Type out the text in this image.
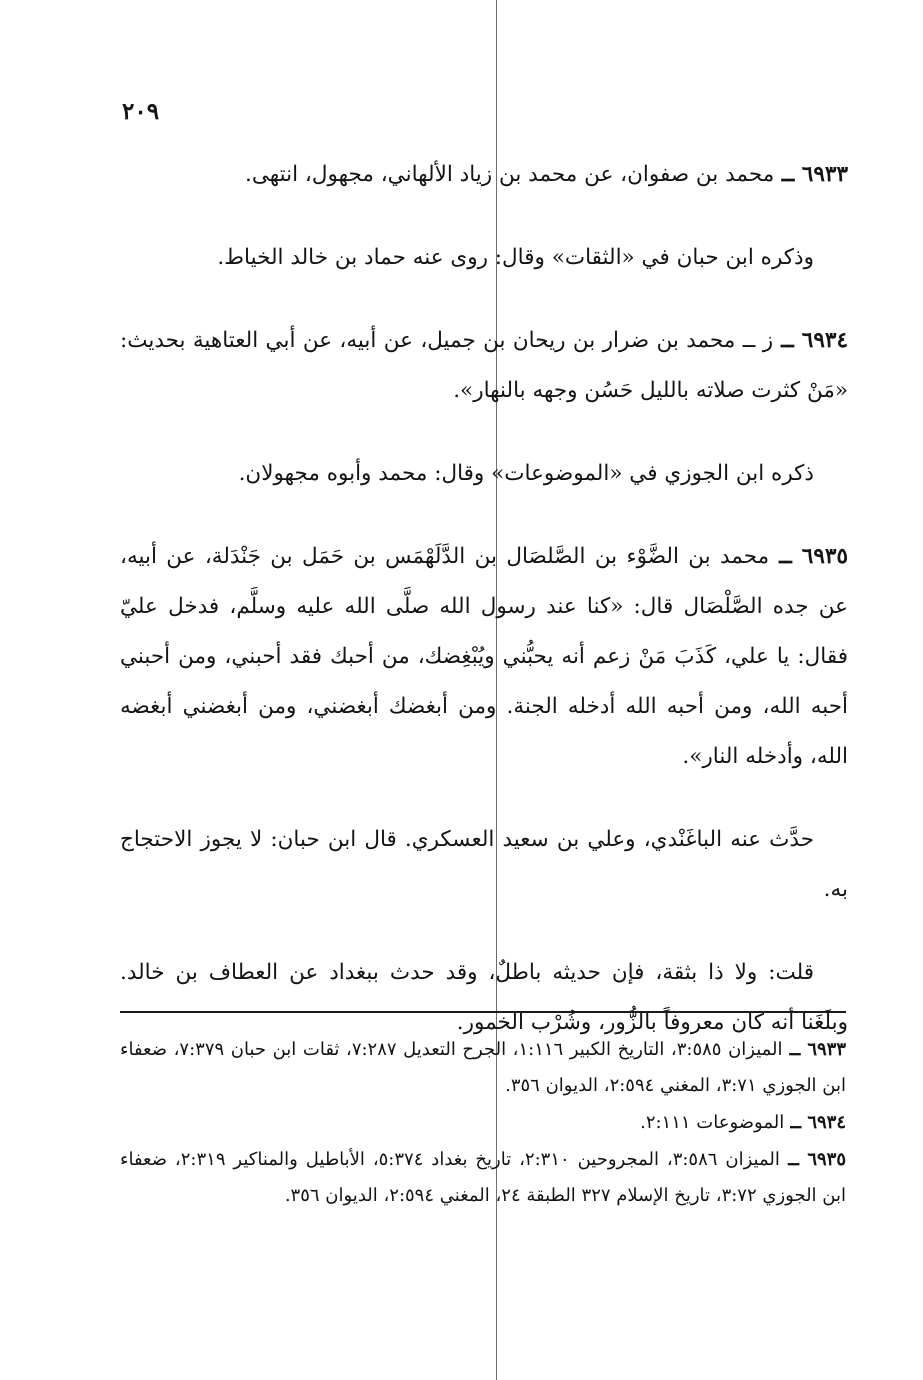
٢٠٩

٦٩٣٣ ــ محمد بن صفوان، عن محمد بن زياد الألهاني، مجهول، انتهى.

وذكره ابن حبان في «الثقات» وقال: روى عنه حماد بن خالد الخياط.

٦٩٣٤ ــ ز ــ محمد بن ضرار بن ريحان بن جميل، عن أبيه، عن أبي العتاهية بحديث: «مَنْ كثرت صلاته بالليل حَسُن وجهه بالنهار».

ذكره ابن الجوزي في «الموضوعات» وقال: محمد وأبوه مجهولان.

٦٩٣٥ ــ محمد بن الضَّوْء بن الصَّلصَال بن الدَّلَهْمَس بن حَمَل بن جَنْدَلة، عن أبيه، عن جده الصَّلْصَال قال: «كنا عند رسول الله صلَّى الله عليه وسلَّم، فدخل عليّ فقال: يا علي، كَذَبَ مَنْ زعم أنه يحبُّني ويُبْغِضك، من أحبك فقد أحبني، ومن أحبني أحبه الله، ومن أحبه الله أدخله الجنة. ومن أبغضك أبغضني، ومن أبغضني أبغضه الله، وأدخله النار».

حدَّث عنه الباغَنْدي، وعلي بن سعيد العسكري. قال ابن حبان: لا يجوز الاحتجاج به.

قلت: ولا ذا بثقة، فإن حديثه باطلٌ، وقد حدث ببغداد عن العطاف بن خالد. وبلَغَنا أنه كان معروفاً بالزُّور، وشُرْب الخمور.

٦٩٣٣ ــ الميزان ٣:٥٨٥، التاريخ الكبير ١:١١٦، الجرح التعديل ٧:٢٨٧، ثقات ابن حبان ٧:٣٧٩، ضعفاء ابن الجوزي ٣:٧١، المغني ٢:٥٩٤، الديوان ٣٥٦.

٦٩٣٤ ــ الموضوعات ٢:١١١.

٦٩٣٥ ــ الميزان ٣:٥٨٦، المجروحين ٢:٣١٠، تاريخ بغداد ٥:٣٧٤، الأباطيل والمناكير ٢:٣١٩، ضعفاء ابن الجوزي ٣:٧٢، تاريخ الإسلام ٣٢٧ الطبقة ٢٤، المغني ٢:٥٩٤، الديوان ٣٥٦.
